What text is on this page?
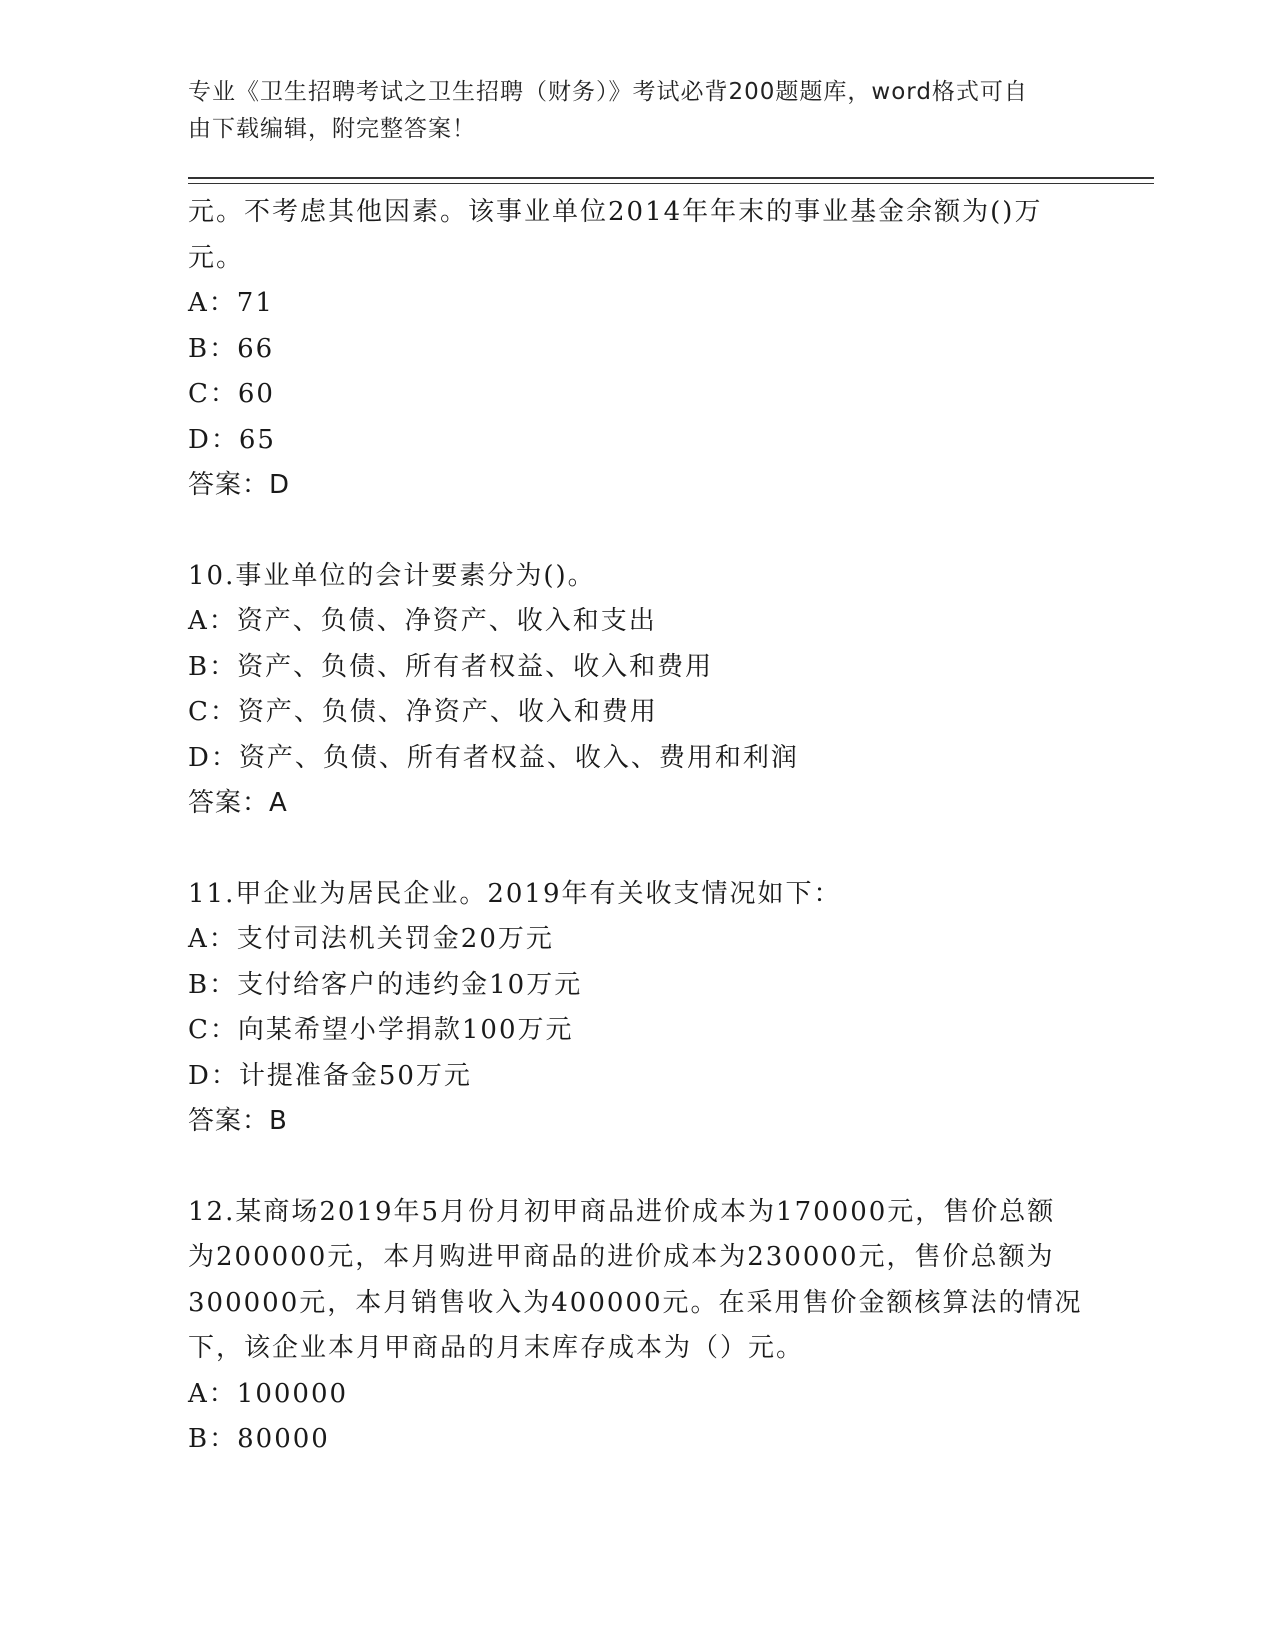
专业《卫生招聘考试之卫生招聘（财务）》考试必背200题题库，word格式可自
由下载编辑，附完整答案！
元。不考虑其他因素。该事业单位2014年年末的事业基金余额为()万
元。
A：71
B：66
C：60
D：65
答案：D
10.事业单位的会计要素分为()。
A：资产、负债、净资产、收入和支出
B：资产、负债、所有者权益、收入和费用
C：资产、负债、净资产、收入和费用
D：资产、负债、所有者权益、收入、费用和利润
答案：A
11.甲企业为居民企业。2019年有关收支情况如下：
A：支付司法机关罚金20万元
B：支付给客户的违约金10万元
C：向某希望小学捐款100万元
D：计提准备金50万元
答案：B
12.某商场2019年5月份月初甲商品进价成本为170000元，售价总额
为200000元，本月购进甲商品的进价成本为230000元，售价总额为
300000元，本月销售收入为400000元。在采用售价金额核算法的情况
下，该企业本月甲商品的月末库存成本为（）元。
A：100000
B：80000
